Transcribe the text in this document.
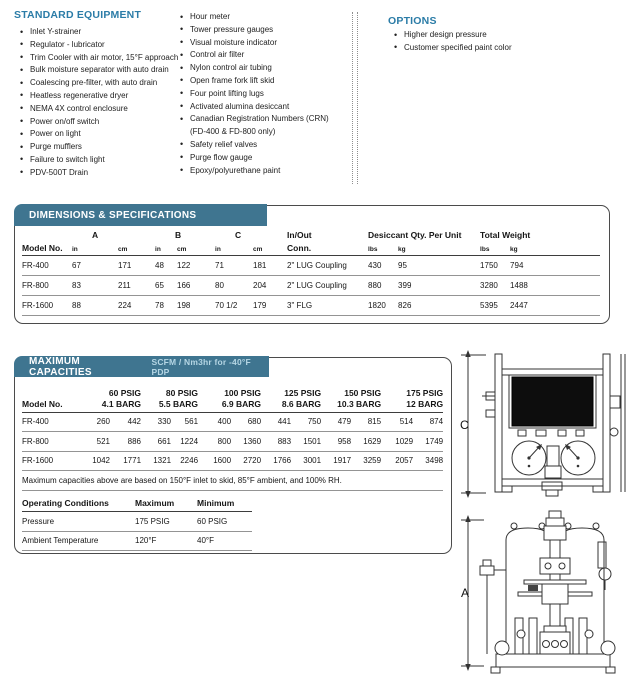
STANDARD EQUIPMENT
• Inlet Y-strainer
• Regulator - lubricator
• Trim Cooler with air motor, 15°F approach
• Bulk moisture separator with auto drain
• Coalescing pre-filter, with auto drain
• Heatless regenerative dryer
• NEMA 4X control enclosure
• Power on/off switch
• Power on light
• Purge mufflers
• Failure to switch light
• PDV-500T Drain
• Hour meter
• Tower pressure gauges
• Visual moisture indicator
• Control air filter
• Nylon control air tubing
• Open frame fork lift skid
• Four point lifting lugs
• Activated alumina desiccant
• Canadian Registration Numbers (CRN) (FD-400 & FD-800 only)
• Safety relief valves
• Purge flow gauge
• Epoxy/polyurethane paint
OPTIONS
• Higher design pressure
• Customer specified paint color
DIMENSIONS & SPECIFICATIONS
	A		B		C		In/Out	Desiccant Qty. Per Unit		Total Weight	
Model No.	in	cm	in	cm	in	cm	Conn.	lbs	kg	lbs	kg
FR-400	67	171	48	122	71	181	2" LUG Coupling	430	95	1750	794
FR-800	83	211	65	166	80	204	2" LUG Coupling	880	399	3280	1488
FR-1600	88	224	78	198	70 1/2	179	3" FLG	1820	826	5395	2447
MAXIMUM CAPACITIES
SCFM / Nm3hr for -40°F PDP
	60 PSIG		80 PSIG		100 PSIG		125 PSIG		150 PSIG		175 PSIG	
Model No.	4.1 BARG		5.5 BARG		6.9 BARG		8.6 BARG		10.3 BARG		12 BARG	
FR-400	260	442	330	561	400	680	441	750	479	815	514	874
FR-800	521	886	661	1224	800	1360	883	1501	958	1629	1029	1749
FR-1600	1042	1771	1321	2246	1600	2720	1766	3001	1917	3259	2057	3498
Maximum capacities above are based on 150°F inlet to skid, 85°F ambient, and 100% RH.												
Operating Conditions	Maximum	Minimum
Pressure	175 PSIG	60 PSIG
Ambient Temperature	120°F	40°F
C
A
